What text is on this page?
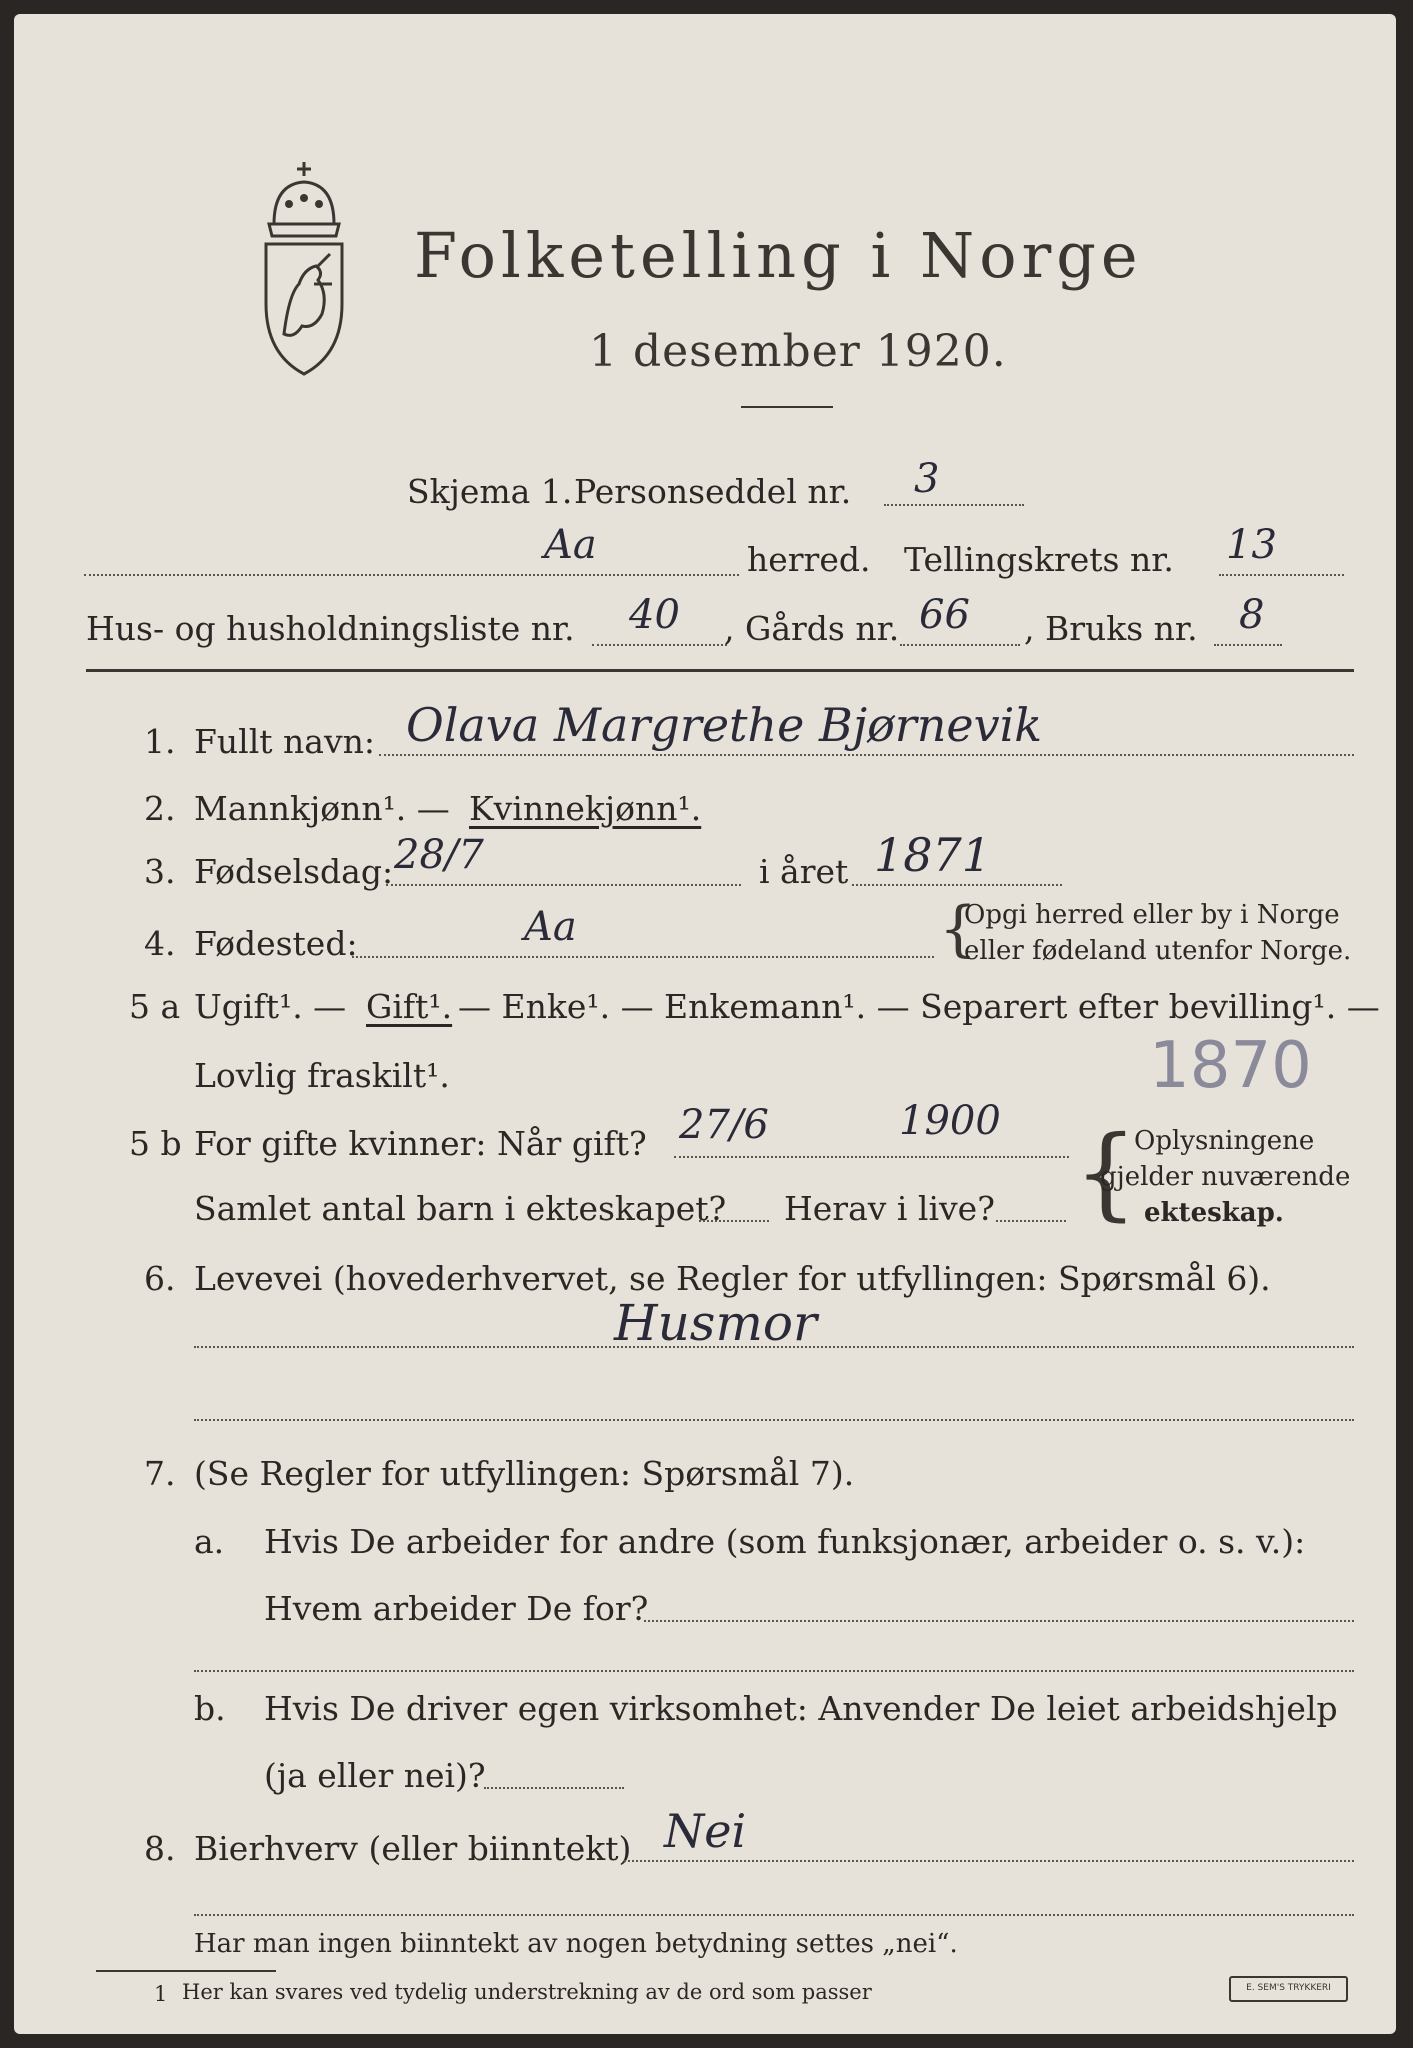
Folketelling i Norge
1 desember 1920.
Skjema 1. Personseddel nr. 3
Aa	herred. Tellingskrets nr. 13
Hus- og husholdningsliste nr. 40 , Gårds nr. 66 , Bruks nr. 8
1. Fullt navn: Olava Margrethe Bjørnevik
2. Mannkjønn¹. — Kvinnekjønn¹.
3. Fødselsdag: 28/7	i året 1871
4. Fødested:	Aa	{
Opgi herred eller by i Norge
eller fødeland utenfor Norge.
5 a Ugift¹. — Gift¹. — Enke¹. — Enkemann¹. — Separert efter bevilling¹. —
Lovlig fraskilt¹.	1870
5 b For gifte kvinner: Når gift? 27/6	1900
Samlet antal barn i ekteskapet? Herav i live? {
Oplysningene
gjelder nuværende
ekteskap.
6. Levevei (hovederhvervet, se Regler for utfyllingen: Spørsmål 6).
Husmor
7. (Se Regler for utfyllingen: Spørsmål 7).
a. Hvis De arbeider for andre (som funksjonær, arbeider o. s. v.):
Hvem arbeider De for?
b. Hvis De driver egen virksomhet: Anvender De leiet arbeidshjelp
(ja eller nei)?
8. Bierhverv (eller biinntekt) Nei
Har man ingen biinntekt av nogen betydning settes „nei“.
1 Her kan svares ved tydelig understrekning av de ord som passer	E. SEM'S TRYKKERI
